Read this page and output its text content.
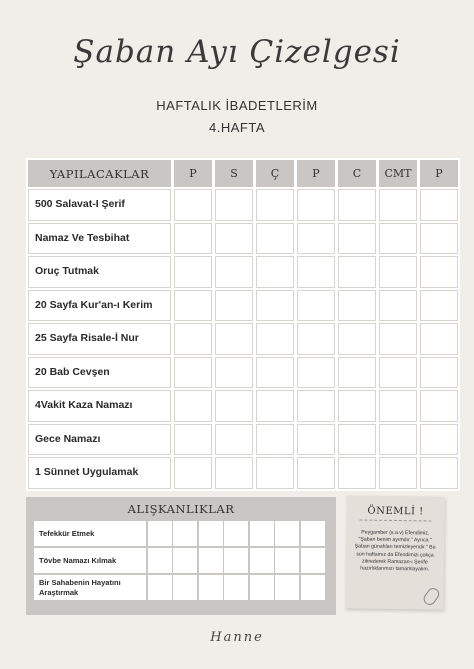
Şaban Ayı Çizelgesi
HAFTALIK İBADETLERİM
4.HAFTA
YAPILACAKLAR	P	S	Ç	P	C	CMT	P
500 Salavat-I Şerif
Namaz Ve Tesbihat
Oruç Tutmak
20 Sayfa Kur'an-ı Kerim
25 Sayfa Risale-İ Nur
20 Bab Cevşen
4Vakit Kaza Namazı
Gece Namazı
1 Sünnet Uygulamak
ALIŞKANLIKLAR
Tefekkür Etmek
Tövbe Namazı Kılmak
Bir Sahabenin Hayatını Araştırmak
ÖNEMLİ !
Peygamber (s.a.v) Efendimiz, "Şaban benim ayımdır." Ayrıca " Şaban günahları temizleyendir." Bu son haftamız da Efendimizi çokça zikrederek Ramazan-ı Şerife hazırlıklarımızı tamamlayalım.
Hanne
